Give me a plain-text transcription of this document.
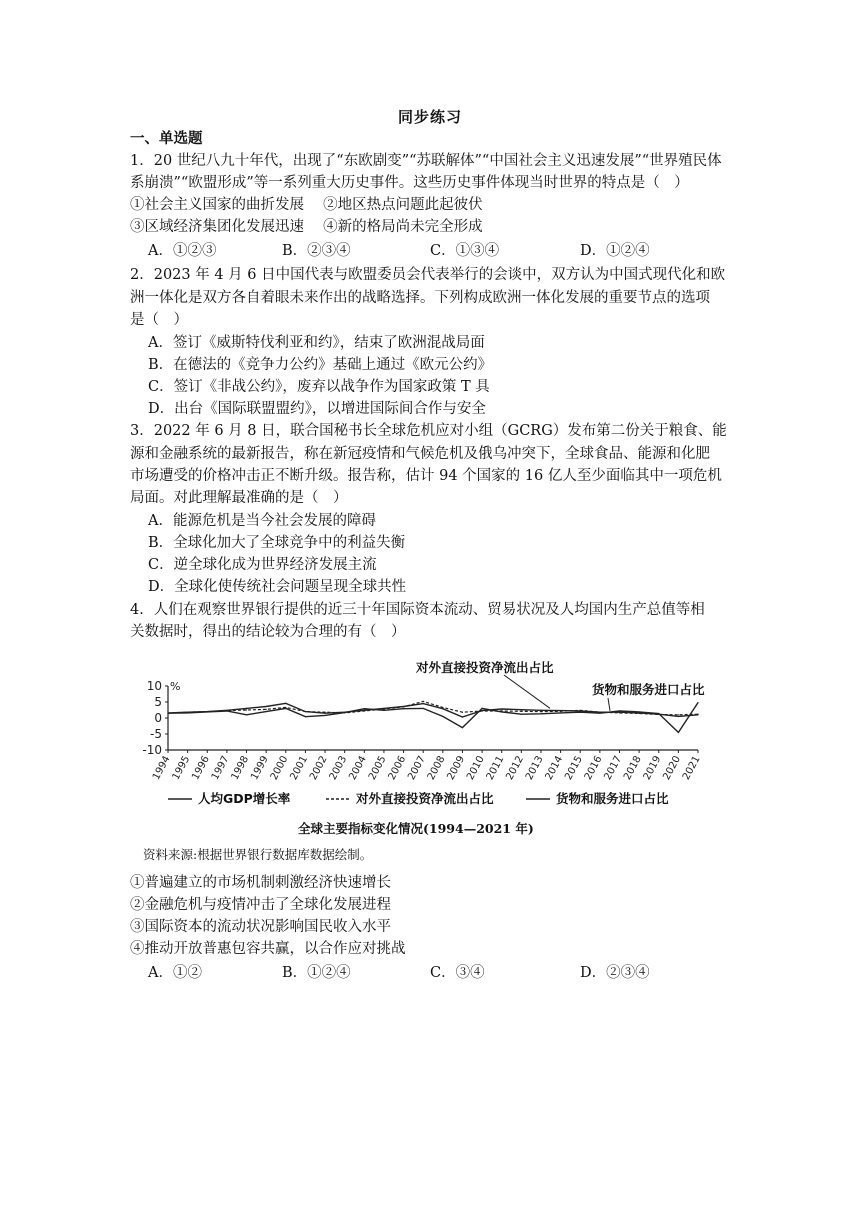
同步练习
一、单选题
1．20 世纪八九十年代，出现了“东欧剧变”“苏联解体”“中国社会主义迅速发展”“世界殖民体
系崩溃”“欧盟形成”等一系列重大历史事件。这些历史事件体现当时世界的特点是（　）
①社会主义国家的曲折发展　 ②地区热点问题此起彼伏
③区域经济集团化发展迅速　 ④新的格局尚未完全形成
A．①②③	B．②③④	C．①③④	D．①②④
2．2023 年 4 月 6 日中国代表与欧盟委员会代表举行的会谈中，双方认为中国式现代化和欧
洲一体化是双方各自着眼未来作出的战略选择。下列构成欧洲一体化发展的重要节点的选项
是（　）
A．签订《威斯特伐利亚和约》，结束了欧洲混战局面
B．在德法的《竞争力公约》基础上通过《欧元公约》
C．签订《非战公约》，废弃以战争作为国家政策 T 具
D．出台《国际联盟盟约》，以增进国际间合作与安全
3．2022 年 6 月 8 日，联合国秘书长全球危机应对小组（GCRG）发布第二份关于粮食、能
源和金融系统的最新报告，称在新冠疫情和气候危机及俄乌冲突下，全球食品、能源和化肥
市场遭受的价格冲击正不断升级。报告称，估计 94 个国家的 16 亿人至少面临其中一项危机
局面。对此理解最准确的是（　）
A．能源危机是当今社会发展的障碍
B．全球化加大了全球竞争中的利益失衡
C．逆全球化成为世界经济发展主流
D．全球化使传统社会问题呈现全球共性
4．人们在观察世界银行提供的近三十年国际资本流动、贸易状况及人均国内生产总值等相
关数据时，得出的结论较为合理的有（　）
10
5
0
-5
-10
%
1994
1995
1996
1997
1998
1999
2000
2001
2002
2003
2004
2005
2006
2007
2008
2009
2010
2011
2012
2013
2014
2015
2016
2017
2018
2019
2020
2021
对外直接投资净流出占比
货物和服务进口占比
人均GDP增长率	对外直接投资净流出占比	货物和服务进口占比
全球主要指标变化情况(1994—2021 年)
资料来源:根据世界银行数据库数据绘制。
①普遍建立的市场机制刺激经济快速增长
②金融危机与疫情冲击了全球化发展进程
③国际资本的流动状况影响国民收入水平
④推动开放普惠包容共赢，以合作应对挑战
A．①②	B．①②④	C．③④	D．②③④
